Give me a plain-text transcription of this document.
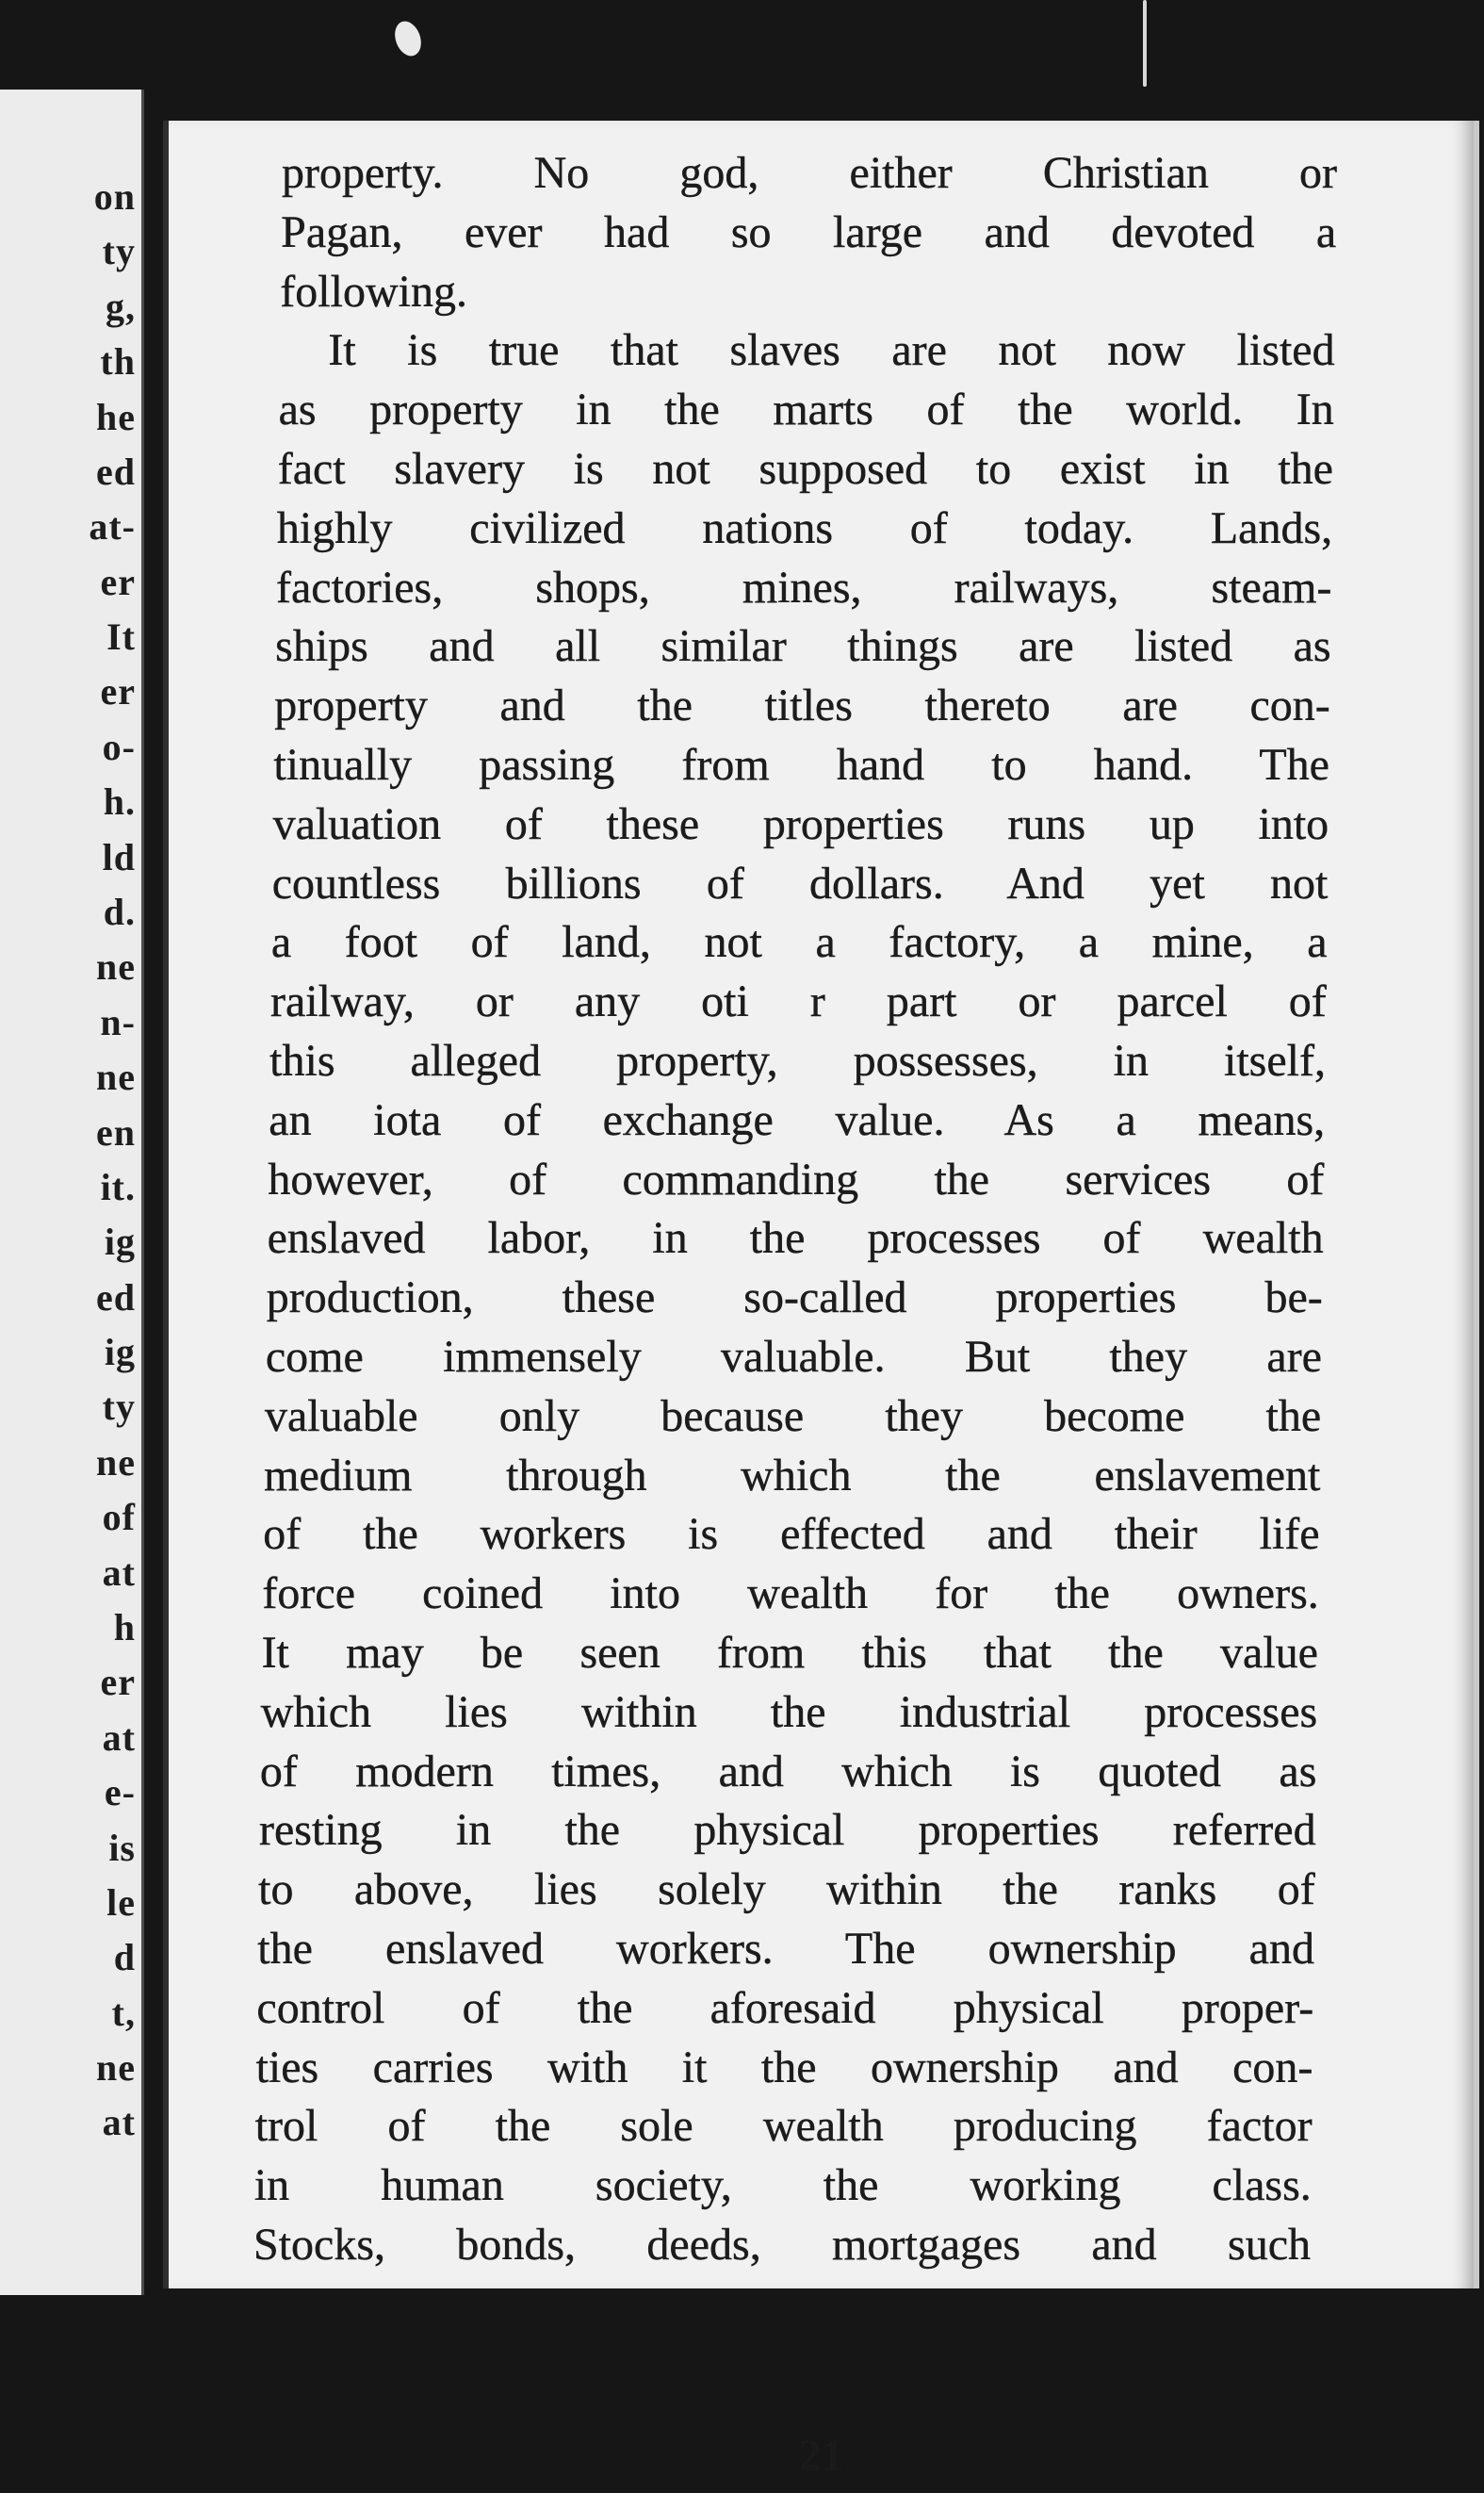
on
ty
g,
th
he
ed
at-
er
It
er
o-
h.
ld
d.
ne
n-
ne
en
it.
ig
ed
ig
ty
ne
of
at
h
er
at
e-
is
le
d
t,
ne
at
property. No god, either Christian or
Pagan, ever had so large and devoted a
following.
It is true that slaves are not now listed
as property in the marts of the world. In
fact slavery is not supposed to exist in the
highly civilized nations of today. Lands,
factories, shops, mines, railways, steam-
ships and all similar things are listed as
property and the titles thereto are con-
tinually passing from hand to hand. The
valuation of these properties runs up into
countless billions of dollars. And yet not
a foot of land, not a factory, a mine, a
railway, or any oti r part or parcel of
this alleged property, possesses, in itself,
an iota of exchange value. As a means,
however, of commanding the services of
enslaved labor, in the processes of wealth
production, these so-called properties be-
come immensely valuable. But they are
valuable only because they become the
medium through which the enslavement
of the workers is effected and their life
force coined into wealth for the owners.
It may be seen from this that the value
which lies within the industrial processes
of modern times, and which is quoted as
resting in the physical properties referred
to above, lies solely within the ranks of
the enslaved workers. The ownership and
control of the aforesaid physical proper-
ties carries with it the ownership and con-
trol of the sole wealth producing factor
in human society, the working class.
Stocks, bonds, deeds, mortgages and such
21
